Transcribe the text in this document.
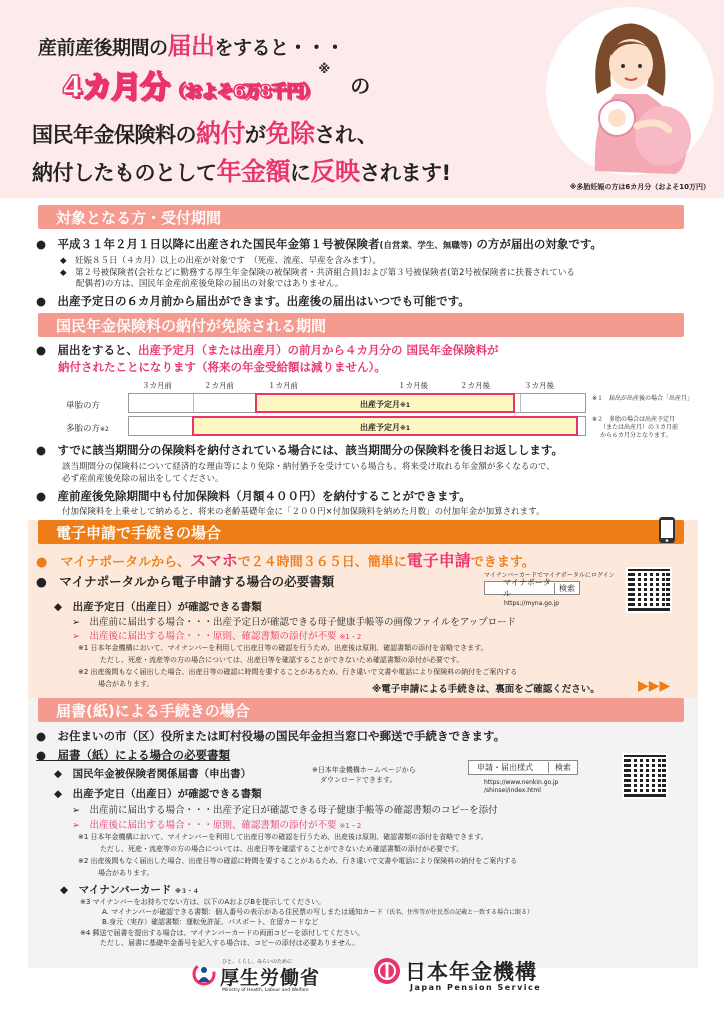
産前産後期間の届出をすると・・・
4カ月分（およそ6万8千円）※の
国民年金保険料の納付が免除され、
納付したものとして年金額に反映されます!
※多胎妊娠の方は6カ月分（およそ10万円）
対象となる方・受付期間
●　平成３１年２月１日以降に出産された国民年金第１号被保険者(自営業、学生、無職等) の方が届出の対象です。
◆　妊娠８５日（４カ月）以上の出産が対象です　（死産、流産、早産を含みます）。
◆　第２号被保険者(会社などに勤務する厚生年金保険の被保険者・共済組合員)および第３号被保険者(第2号被保険者に扶養されている
配偶者)の方は、国民年金産前産後免除の届出の対象ではありません。
●　出産予定日の６カ月前から届出ができます。出産後の届出はいつでも可能です。
国民年金保険料の納付が免除される期間
●　届出をすると、出産予定月（または出産月）の前月から４カ月分の 国民年金保険料が
納付されたことになります（将来の年金受給額は減りません）。
３カ月前	２カ月前	１カ月前	１カ月後	２カ月後	３カ月後
単胎の方	出産予定月※1
多胎の方※2	出産予定月※1
※１　届出が出産後の場合「出産月」
※２　多胎の場合は出産予定月
（または出産月）の３カ月前
から６カ月分となります。
●　すでに該当期間分の保険料を納付されている場合には、該当期間分の保険料を後日お返しします。
該当期間分の保険料について経済的な理由等により免除・納付猶予を受けている場合も、将来受け取れる年金額が多くなるので、
必ず産前産後免除の届出をしてください。
●　産前産後免除期間中も付加保険料（月額４００円）を納付することができます。
付加保険料を上乗せして納めると、将来の老齢基礎年金に「２００円×付加保険料を納めた月数」の付加年金が加算されます。
電子申請で手続きの場合
●　マイナポータルから、スマホで２４時間３６５日、簡単に電子申請できます。
●　マイナポータルから電子申請する場合の必要書類	マイナンバーカードでマイナポータルにログイン
マイナポータル
検索
https://myna.go.jp
◆　出産予定日（出産日）が確認できる書類
➢　出産前に届出する場合・・・出産予定日が確認できる母子健康手帳等の画像ファイルをアップロード
➢　出産後に届出する場合・・・原則、確認書類の添付が不要 ※1・2
※1 日本年金機構において、マイナンバーを利用して出産日等の確認を行うため、出産後は原則、確認書類の添付を省略できます。
ただし、死産・流産等の方の場合については、出産日等を確認することができないため確認書類の添付が必要です。
※2 出産後間もなく届出した場合、出産日等の確認に時間を要することがあるため、行き違いで文書や電話により保険料の納付をご案内する
場合があります。	※電子申請による手続きは、裏面をご確認ください。	▶▶▶
届書(紙)による手続きの場合
●　お住まいの市（区）役所または町村役場の国民年金担当窓口や郵送で手続きできます。
●　届書（紙）による場合の必要書類
◆　国民年金被保険者関係届書（申出書）	※日本年金機構ホームページから
ダウンロードできます。
申請・届出様式	検索
https://www.nenkin.go.jp
/shinsei/index.html
◆　出産予定日（出産日）が確認できる書類
➢　出産前に届出する場合・・・出産予定日が確認できる母子健康手帳等の確認書類のコピーを添付
➢　出産後に届出する場合・・・原則、確認書類の添付が不要 ※1・2
※1 日本年金機構において、マイナンバーを利用して出産日等の確認を行うため、出産後は原則、確認書類の添付を省略できます。
ただし、死産・流産等の方の場合については、出産日等を確認することができないため確認書類の添付が必要です。
※2 出産後間もなく届出した場合、出産日等の確認に時間を要することがあるため、行き違いで文書や電話により保険料の納付をご案内する
場合があります。
◆　マイナンバーカード ※３・４
※3 マイナンバーをお持ちでない方は、以下のAおよびBを提示してください。
A. マイナンバーが確認できる書類：個人番号の表示がある住民票の写しまたは通知カード（氏名、住所等が住民票の記載と一致する場合に限る）
B.身元（実存）確認書類：運転免許証、パスポート、在留カードなど
※4 郵送で届書を提出する場合は、マイナンバーカードの両面コピーを添付してください。
ただし、届書に基礎年金番号を記入する場合は、コピーの添付は必要ありません。
ひと、くらし、みらいのために
厚生労働省
Ministry of Health, Labour and Welfare
日本年金機構
Japan Pension Service
